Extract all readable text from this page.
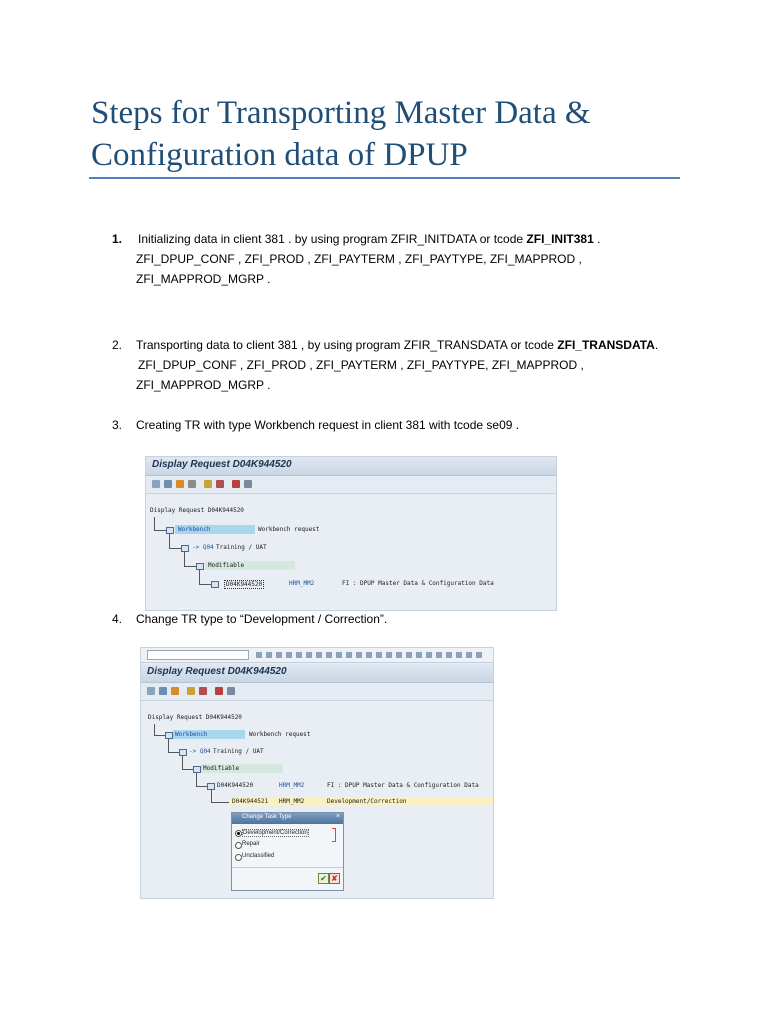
Steps for Transporting Master Data &
Configuration data of DPUP
1.	Initializing data in client 381 . by using program ZFIR_INITDATA or tcode ZFI_INIT381 .
ZFI_DPUP_CONF , ZFI_PROD , ZFI_PAYTERM , ZFI_PAYTYPE, ZFI_MAPPROD ,
ZFI_MAPPROD_MGRP .
2.	Transporting data to client 381 , by using program ZFIR_TRANSDATA or tcode ZFI_TRANSDATA.
ZFI_DPUP_CONF , ZFI_PROD , ZFI_PAYTERM , ZFI_PAYTYPE, ZFI_MAPPROD ,
ZFI_MAPPROD_MGRP .
3.	Creating TR with type Workbench request in client 381 with tcode se09 .
Display Request D04K944520
Display Request D04K944520
Workbench	Workbench request
-> Q04 Training / UAT
Modifiable
D04K944520	HRM_MM2	FI : DPUP Master Data & Configuration Data
4.	Change TR type to “Development / Correction”.
Display Request D04K944520
Display Request D04K944520
Workbench	Workbench request
-> Q04 Training / UAT
Modifiable
D04K944520	HRM_MM2	FI : DPUP Master Data & Configuration Data
D04K944521 HRM_MM2	Development/Correction
Change Task Type	×
Development/Correction
Repair
Unclassified
✔ ✘
